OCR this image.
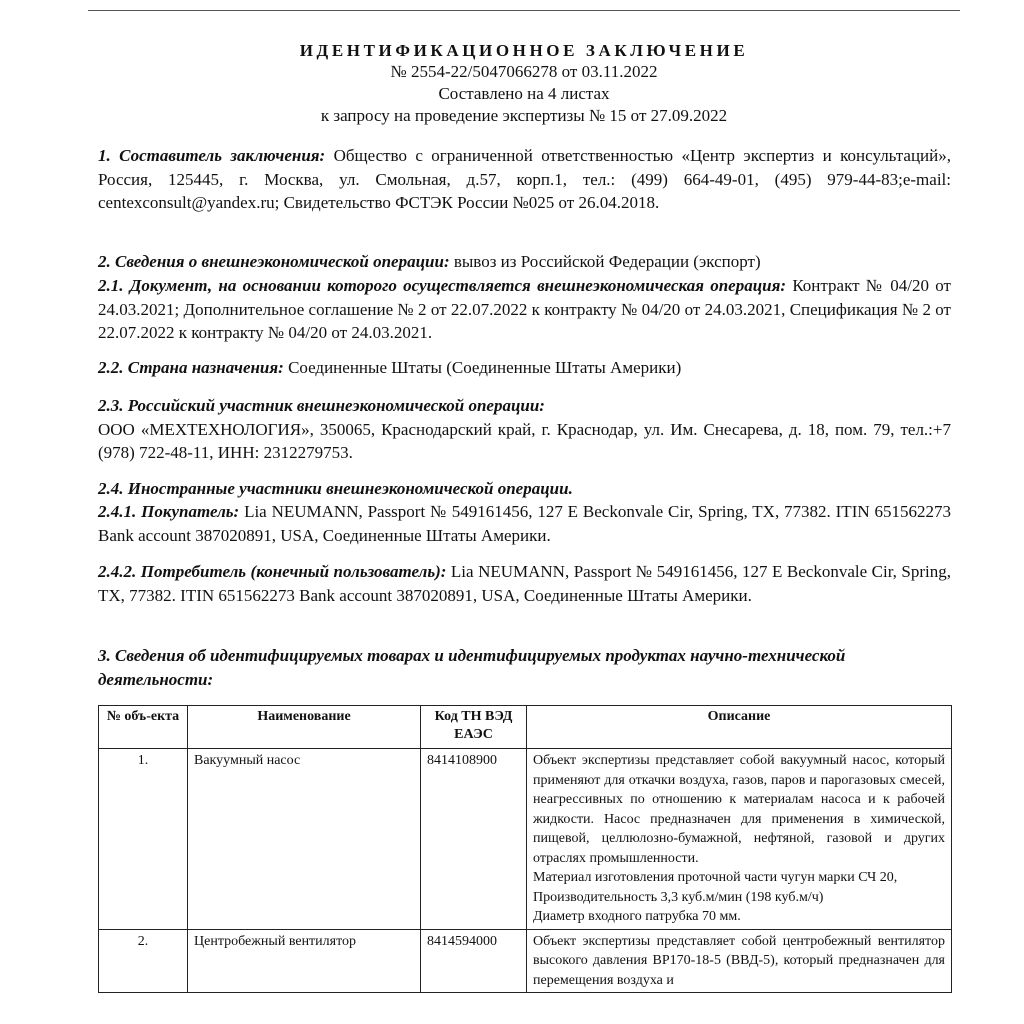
ИДЕНТИФИКАЦИОННОЕ ЗАКЛЮЧЕНИЕ
№ 2554-22/5047066278 от 03.11.2022
Составлено на 4 листах
к запросу на проведение экспертизы № 15 от 27.09.2022
1. Составитель заключения: Общество с ограниченной ответственностью «Центр экспертиз и консультаций», Россия, 125445, г. Москва, ул. Смольная, д.57, корп.1, тел.: (499) 664-49-01, (495) 979-44-83;e-mail: centexconsult@yandex.ru; Свидетельство ФСТЭК России №025 от 26.04.2018.
2. Сведения о внешнеэкономической операции: вывоз из Российской Федерации (экспорт)
2.1. Документ, на основании которого осуществляется внешнеэкономическая операция: Контракт № 04/20 от 24.03.2021; Дополнительное соглашение № 2 от 22.07.2022 к контракту № 04/20 от 24.03.2021, Спецификация № 2 от 22.07.2022 к контракту № 04/20 от 24.03.2021.
2.2. Страна назначения: Соединенные Штаты (Соединенные Штаты Америки)
2.3. Российский участник внешнеэкономической операции:
ООО «МЕХТЕХНОЛОГИЯ», 350065, Краснодарский край, г. Краснодар, ул. Им. Снесарева, д. 18, пом. 79, тел.:+7 (978) 722-48-11, ИНН: 2312279753.
2.4. Иностранные участники внешнеэкономической операции.
2.4.1. Покупатель: Lia NEUMANN, Passport № 549161456, 127 E Beckonvale Cir, Spring, TX, 77382. ITIN 651562273 Bank account 387020891, USA, Соединенные Штаты Америки.
2.4.2. Потребитель (конечный пользователь): Lia NEUMANN, Passport № 549161456, 127 E Beckonvale Cir, Spring, TX, 77382. ITIN 651562273 Bank account 387020891, USA, Соединенные Штаты Америки.
3. Сведения об идентифицируемых товарах и идентифицируемых продуктах научно-технической деятельности:
№ объ-екта	Наименование	Код ТН ВЭД ЕАЭС	Описание
1.	Вакуумный насос	8414108900	Объект экспертизы представляет собой вакуумный насос, который применяют для откачки воздуха, газов, паров и парогазовых смесей, неагрессивных по отношению к материалам насоса и к рабочей жидкости. Насос предназначен для применения в химической, пищевой, целлюлозно-бумажной, нефтяной, газовой и других отраслях промышленности.
Материал изготовления проточной части чугун марки СЧ 20,
Производительность 3,3 куб.м/мин (198 куб.м/ч)
Диаметр входного патрубка 70 мм.

2.	Центробежный вентилятор	8414594000	Объект экспертизы представляет собой центробежный вентилятор высокого давления ВР170-18-5 (ВВД-5), который предназначен для перемещения воздуха и
